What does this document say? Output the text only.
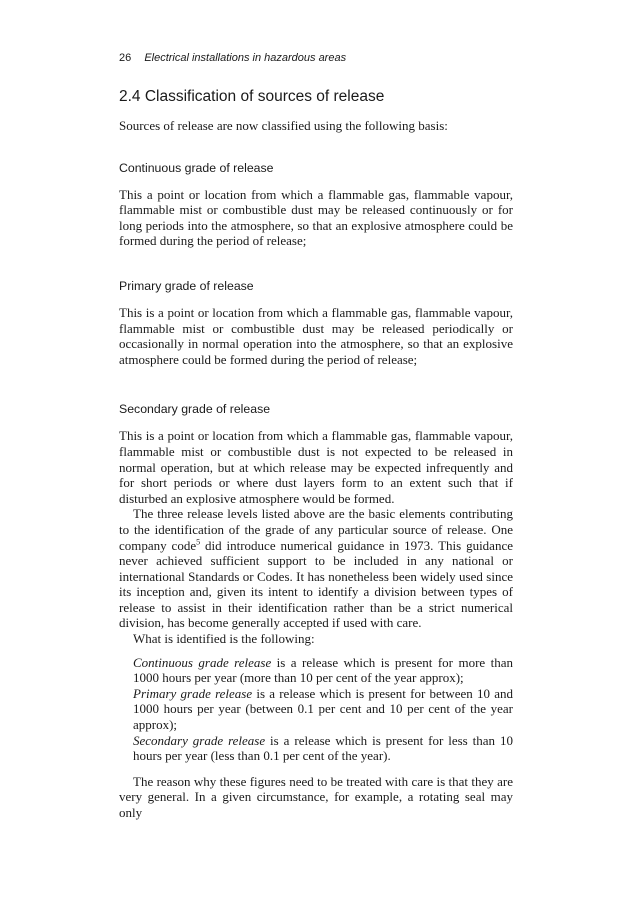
26 Electrical installations in hazardous areas
2.4 Classification of sources of release

Sources of release are now classified using the following basis:

Continuous grade of release

This a point or location from which a flammable gas, flammable vapour, flammable mist or combustible dust may be released continuously or for long periods into the atmosphere, so that an explosive atmosphere could be formed during the period of release;

Primary grade of release

This is a point or location from which a flammable gas, flammable vapour, flammable mist or combustible dust may be released periodically or occasionally in normal operation into the atmosphere, so that an explosive atmosphere could be formed during the period of release;

Secondary grade of release

This is a point or location from which a flammable gas, flammable vapour, flammable mist or combustible dust is not expected to be released in normal operation, but at which release may be expected infrequently and for short periods or where dust layers form to an extent such that if disturbed an explosive atmosphere would be formed.

The three release levels listed above are the basic elements contributing to the identification of the grade of any particular source of release. One company code$^5$ did introduce numerical guidance in 1973. This guidance never achieved sufficient support to be included in any national or international Standards or Codes. It has nonetheless been widely used since its inception and, given its intent to identify a division between types of release to assist in their identification rather than be a strict numerical division, has become generally accepted if used with care.

What is identified is the following:

Continuous grade release is a release which is present for more than 1000 hours per year (more than 10 per cent of the year approx);

Primary grade release is a release which is present for between 10 and 1000 hours per year (between 0.1 per cent and 10 per cent of the year approx);

Secondary grade release is a release which is present for less than 10 hours per year (less than 0.1 per cent of the year).

The reason why these figures need to be treated with care is that they are very general. In a given circumstance, for example, a rotating seal may only
